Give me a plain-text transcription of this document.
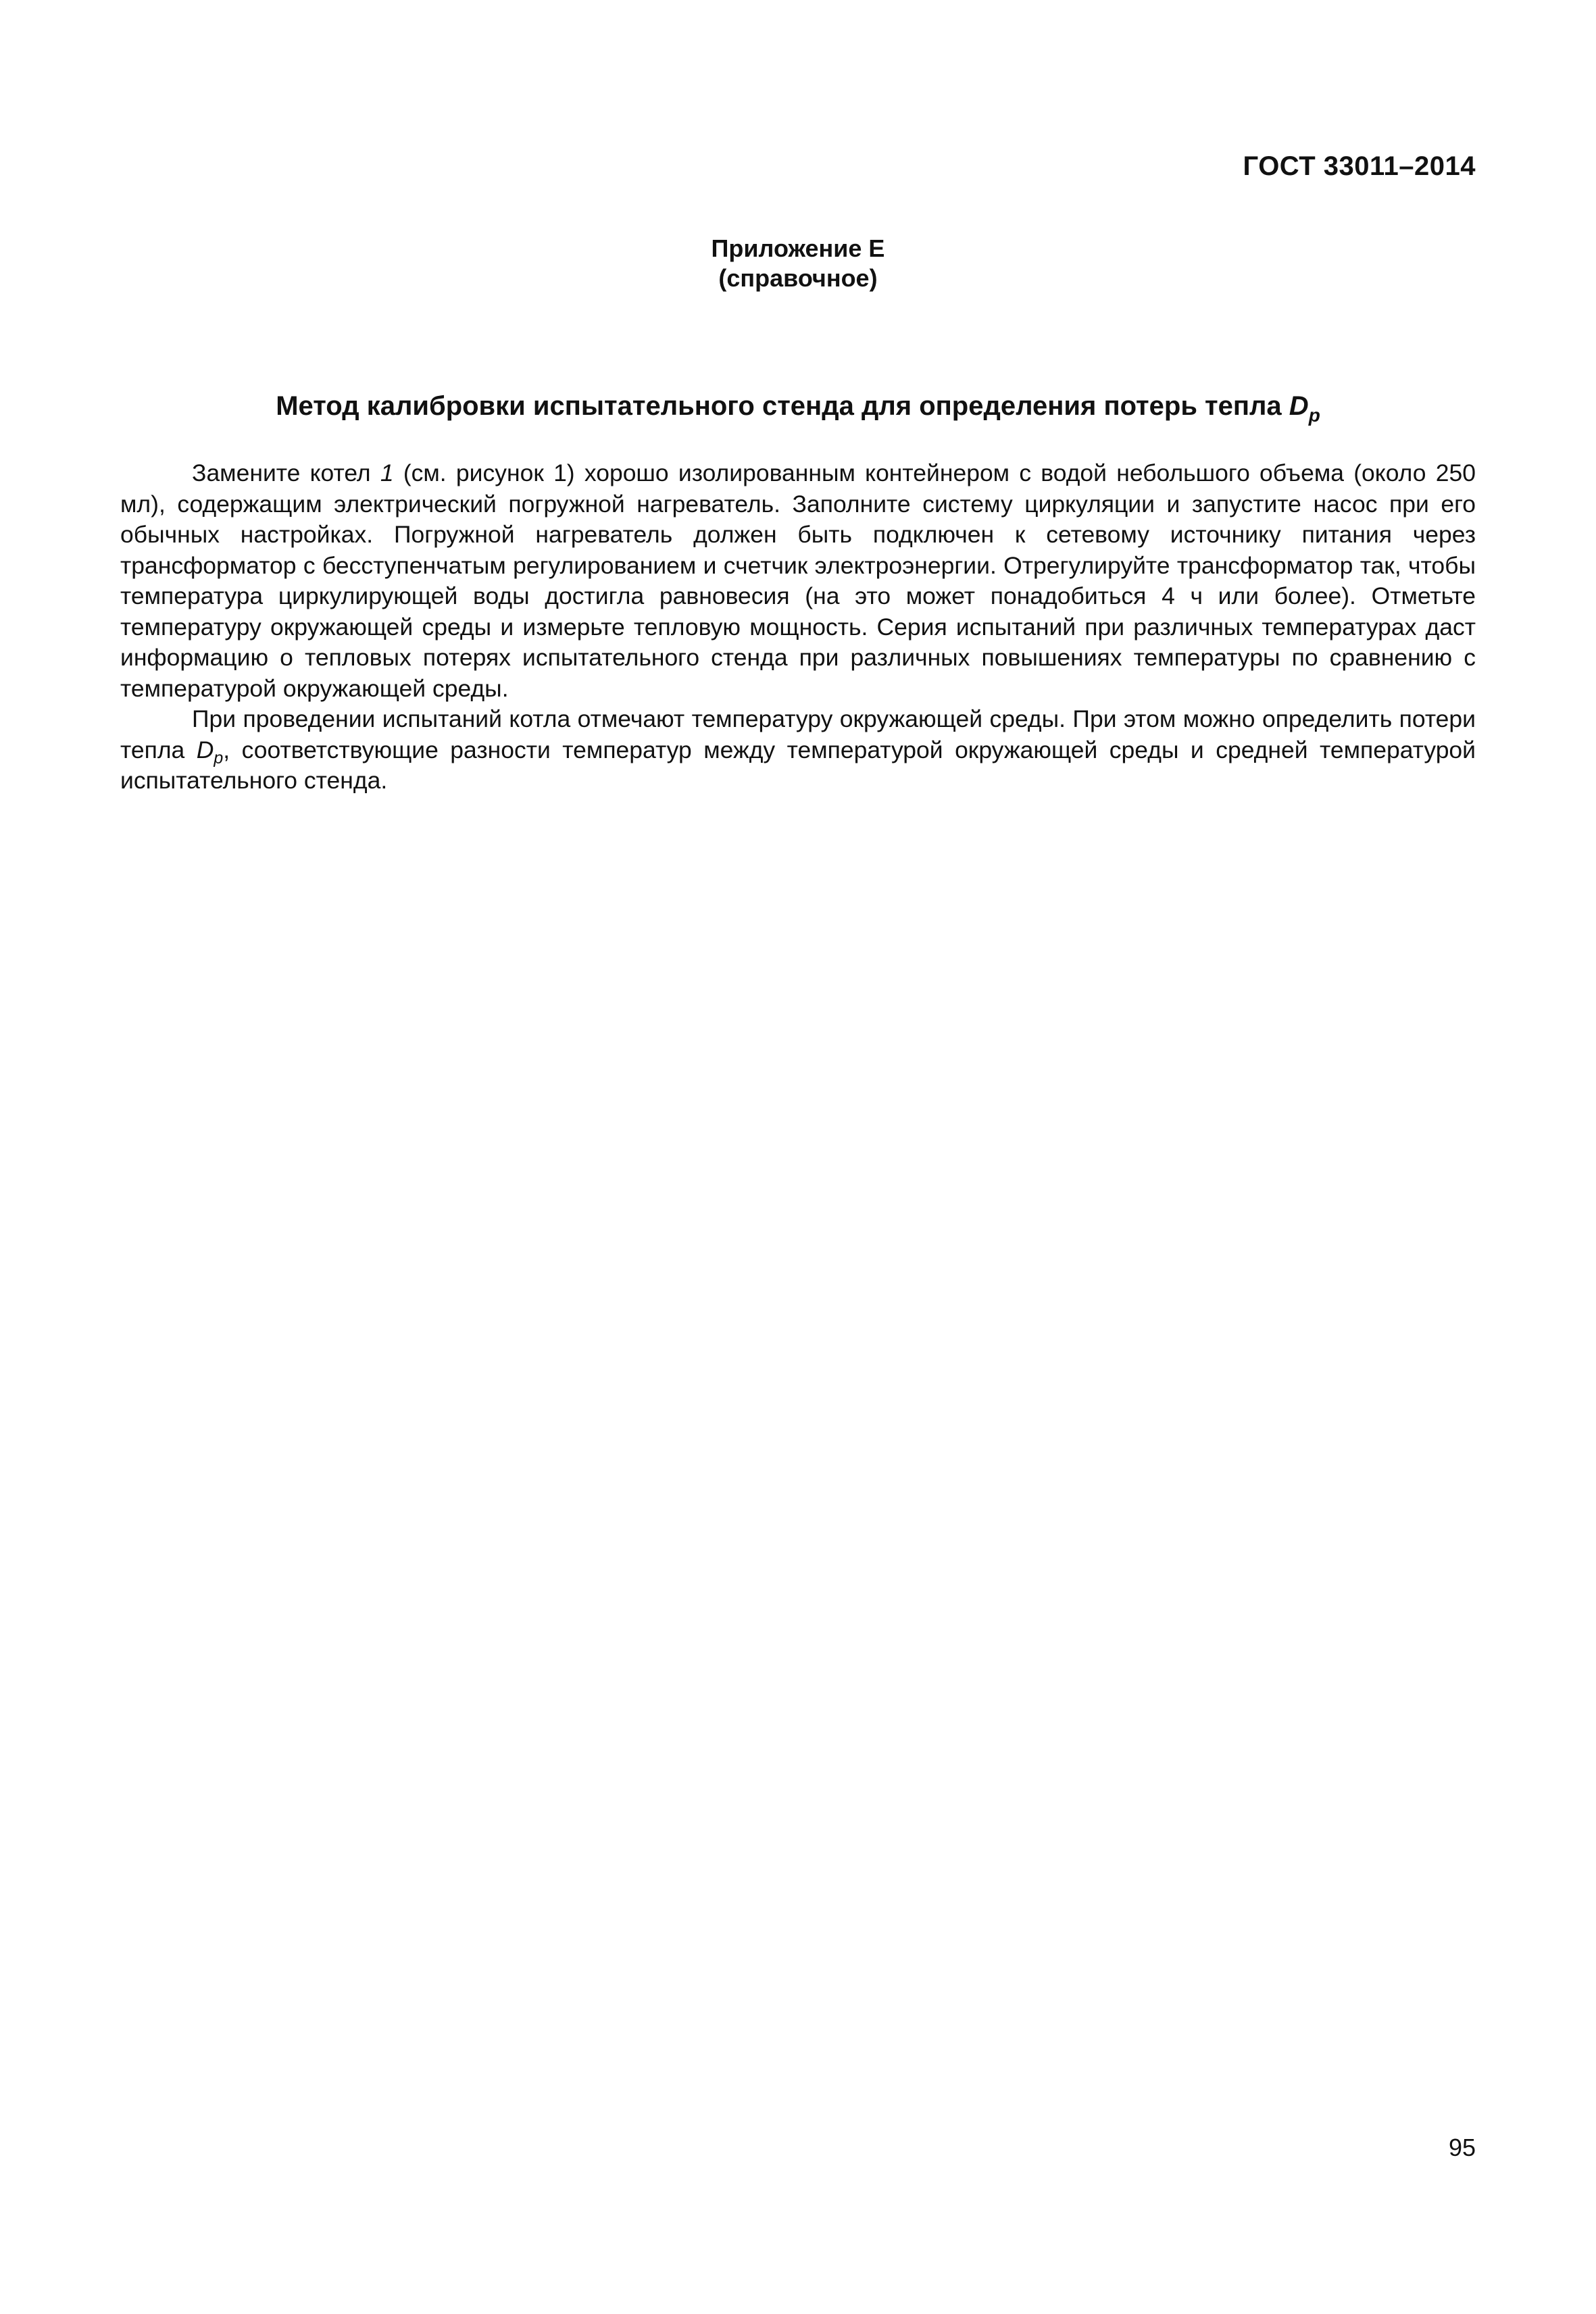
ГОСТ 33011–2014
Приложение Е
(справочное)
Метод калибровки испытательного стенда для определения потерь тепла $D_p$

Замените котел 1 (см. рисунок 1) хорошо изолированным контейнером с водой небольшого объема (около 250 мл), содержащим электрический погружной нагреватель. Заполните систему циркуляции и запустите насос при его обычных настройках. Погружной нагреватель должен быть подключен к сетевому источнику питания через трансформатор с бесступенчатым регулированием и счетчик электроэнергии. Отрегулируйте трансформатор так, чтобы температура циркулирующей воды достигла равновесия (на это может понадобиться 4 ч или более). Отметьте температуру окружающей среды и измерьте тепловую мощность. Серия испытаний при различных температурах даст информацию о тепловых потерях испытательного стенда при различных повышениях температуры по сравнению с температурой окружающей среды.

При проведении испытаний котла отмечают температуру окружающей среды. При этом можно определить потери тепла $D_p$, соответствующие разности температур между температурой окружающей среды и средней температурой испытательного стенда.

95
